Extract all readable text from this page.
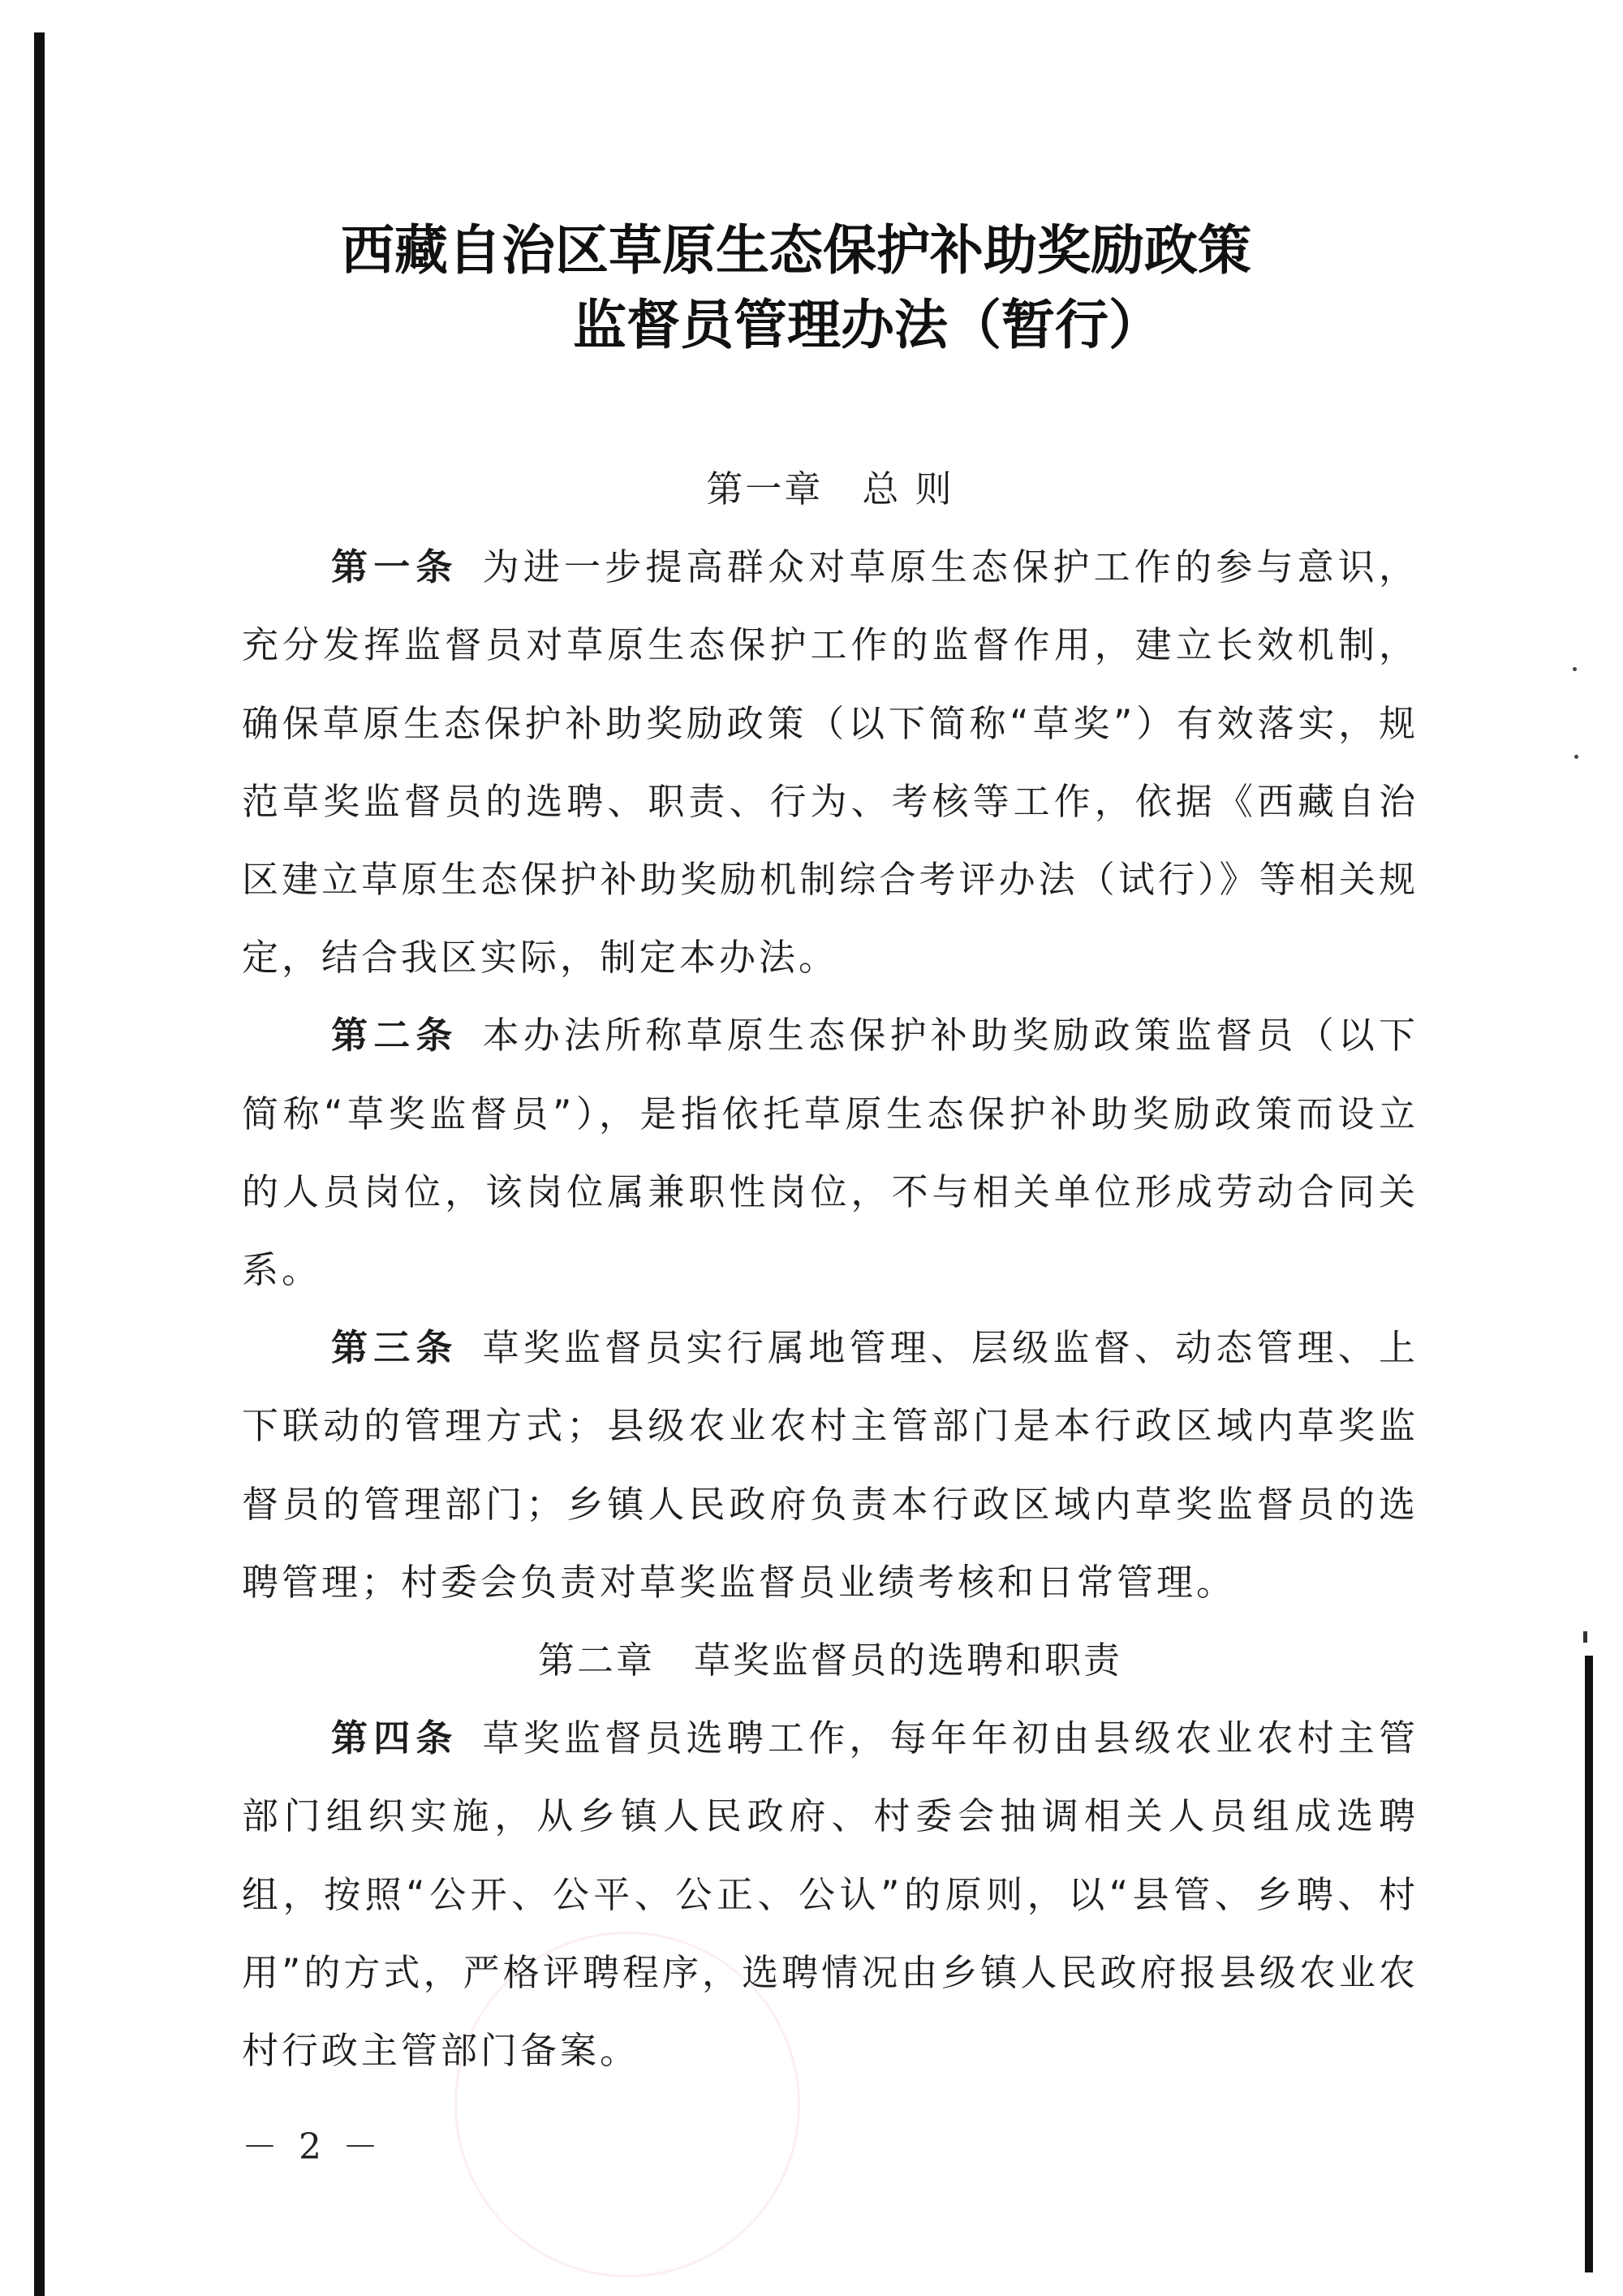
西藏自治区草原生态保护补助奖励政策
监督员管理办法（暂行）
第一章　总 则

第一条 为进一步提高群众对草原生态保护工作的参与意识，充分发挥监督员对草原生态保护工作的监督作用，建立长效机制，确保草原生态保护补助奖励政策（以下简称“草奖”）有效落实，规范草奖监督员的选聘、职责、行为、考核等工作，依据《西藏自治区建立草原生态保护补助奖励机制综合考评办法（试行）》等相关规定，结合我区实际，制定本办法。

第二条 本办法所称草原生态保护补助奖励政策监督员（以下简称“草奖监督员”），是指依托草原生态保护补助奖励政策而设立的人员岗位，该岗位属兼职性岗位，不与相关单位形成劳动合同关系。

第三条 草奖监督员实行属地管理、层级监督、动态管理、上下联动的管理方式；县级农业农村主管部门是本行政区域内草奖监督员的管理部门；乡镇人民政府负责本行政区域内草奖监督员的选聘管理；村委会负责对草奖监督员业绩考核和日常管理。

第二章　草奖监督员的选聘和职责

第四条 草奖监督员选聘工作，每年年初由县级农业农村主管部门组织实施，从乡镇人民政府、村委会抽调相关人员组成选聘组，按照“公开、公平、公正、公认”的原则，以“县管、乡聘、村用”的方式，严格评聘程序，选聘情况由乡镇人民政府报县级农业农村行政主管部门备案。

－ 2 －
